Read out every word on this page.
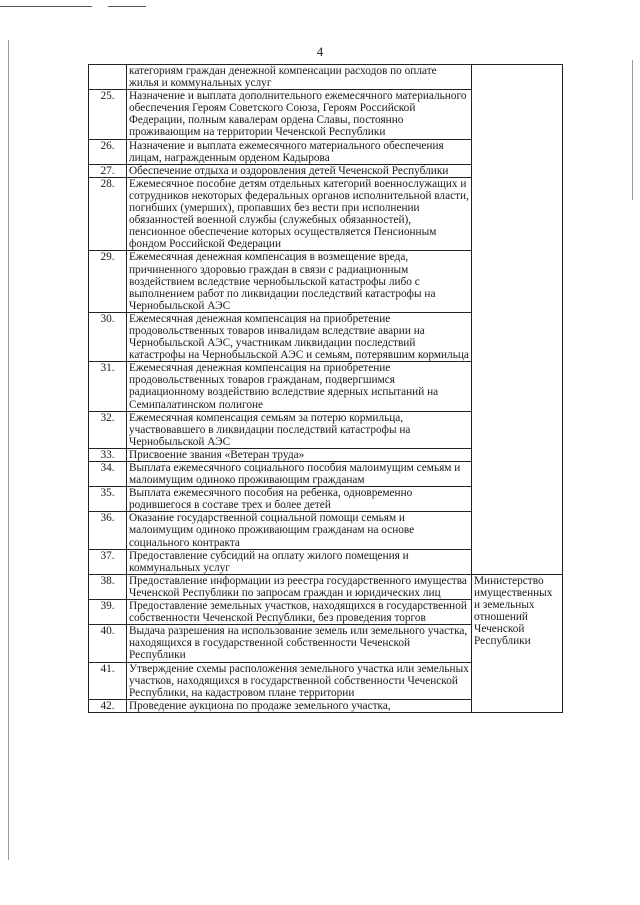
4
	категориям граждан денежной компенсации расходов по оплате жилья и коммунальных услуг	
25.	Назначение и выплата дополнительного ежемесячного материального обеспечения Героям Советского Союза, Героям Российской Федерации, полным кавалерам ордена Славы, постоянно проживающим на территории Чеченской Республики	
26.	Назначение и выплата ежемесячного материального обеспечения лицам, награжденным орденом Кадырова	
27.	Обеспечение отдыха и оздоровления детей Чеченской Республики	
28.	Ежемесячное пособие детям отдельных категорий военнослужащих и сотрудников некоторых федеральных органов исполнительной власти, погибших (умерших), пропавших без вести при исполнении обязанностей военной службы (служебных обязанностей), пенсионное обеспечение которых осуществляется Пенсионным фондом Российской Федерации	
29.	Ежемесячная денежная компенсация в возмещение вреда, причиненного здоровью граждан в связи с радиационным воздействием вследствие чернобыльской катастрофы либо с выполнением работ по ликвидации последствий катастрофы на Чернобыльской АЭС	
30.	Ежемесячная денежная компенсация на приобретение продовольственных товаров инвалидам вследствие аварии на Чернобыльской АЭС, участникам ликвидации последствий катастрофы на Чернобыльской АЭС и семьям, потерявшим кормильца	
31.	Ежемесячная денежная компенсация на приобретение продовольственных товаров гражданам, подвергшимся радиационному воздействию вследствие ядерных испытаний на Семипалатинском полигоне	
32.	Ежемесячная компенсация семьям за потерю кормильца, участвовавшего в ликвидации последствий катастрофы на Чернобыльской АЭС	
33.	Присвоение звания «Ветеран труда»	
34.	Выплата ежемесячного социального пособия малоимущим семьям и малоимущим одиноко проживающим гражданам	
35.	Выплата ежемесячного пособия на ребенка, одновременно родившегося в составе трех и более детей	
36.	Оказание государственной социальной помощи семьям и малоимущим одиноко проживающим гражданам на основе социального контракта	
37.	Предоставление субсидий на оплату жилого помещения и коммунальных услуг	
38.	Предоставление информации из реестра государственного имущества Чеченской Республики по запросам граждан и юридических лиц	Министерство имущественных и земельных отношений Чеченской Республики
39.	Предоставление земельных участков, находящихся в государственной собственности Чеченской Республики, без проведения торгов	
40.	Выдача разрешения на использование земель или земельного участка, находящихся в государственной собственности Чеченской Республики	
41.	Утверждение схемы расположения земельного участка или земельных участков, находящихся в государственной собственности Чеченской Республики, на кадастровом плане территории	
42.	Проведение аукциона по продаже земельного участка,	
